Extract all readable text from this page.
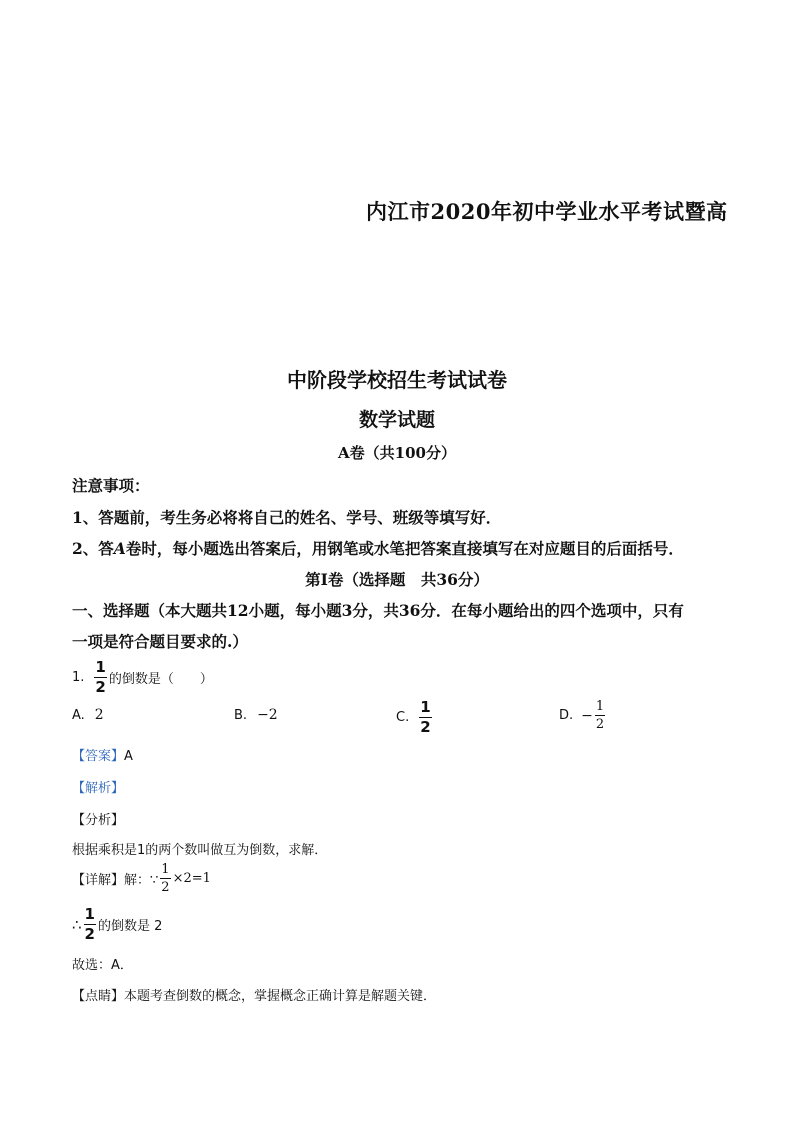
内江市2020年初中学业水平考试暨高
中阶段学校招生考试试卷
数学试题
A卷（共100分）
注意事项：
1、答题前，考生务必将将自己的姓名、学号、班级等填写好．
2、答A卷时，每小题选出答案后，用钢笔或水笔把答案直接填写在对应题目的后面括号．
第Ⅰ卷（选择题　共36分）
一、选择题（本大题共12小题，每小题3分，共36分．在每小题给出的四个选项中，只有
一项是符合题目要求的.）
1. $\frac{1}{2}$ 的倒数是（　　）
A. 2	B. −2	C. $\frac{1}{2}$	D. − $\frac{1}{2}$
【答案】A
【解析】
【分析】
根据乘积是1的两个数叫做互为倒数，求解．
【详解】 解：∵ $\frac{1}{2} \times 2=1$
∴ $\frac{1}{2}$ 的倒数是 2
故选：A．
【点睛】本题考查倒数的概念，掌握概念正确计算是解题关键．
